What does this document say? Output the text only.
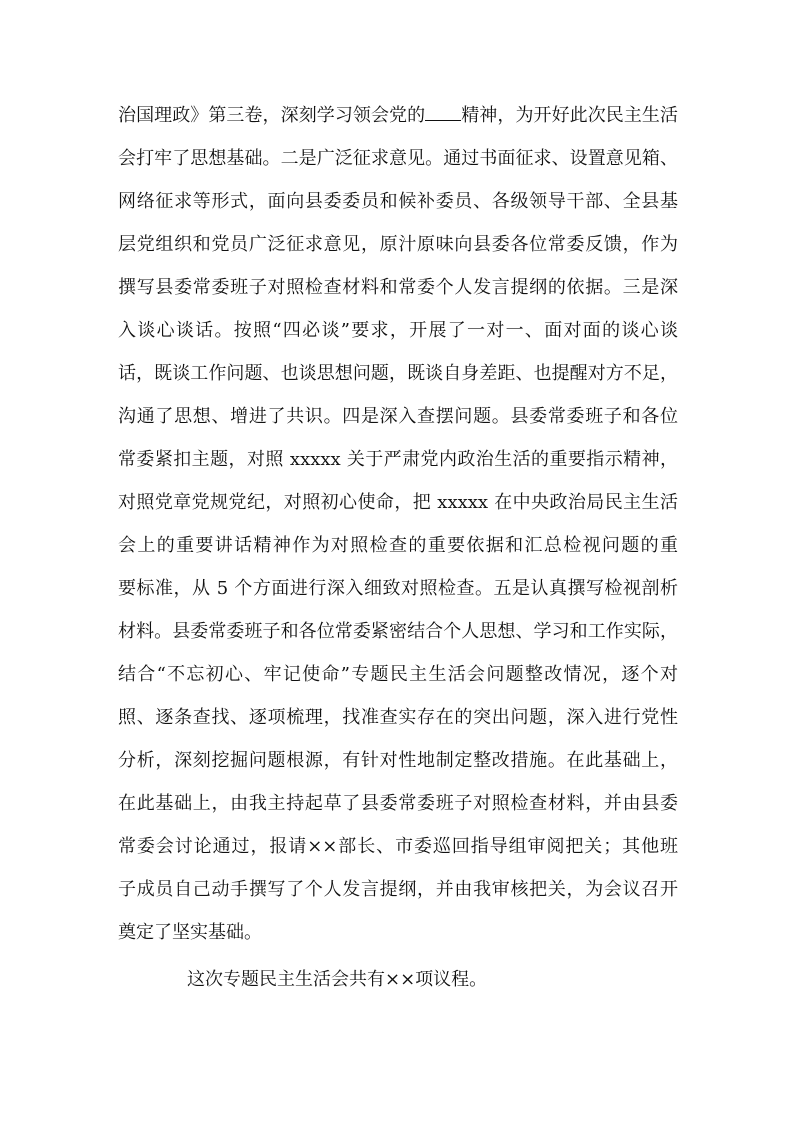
治国理政》第三卷，深刻学习领会党的 精神，为开好此次民主生活
会打牢了思想基础。二是广泛征求意见。通过书面征求、设置意见箱、
网络征求等形式，面向县委委员和候补委员、各级领导干部、全县基
层党组织和党员广泛征求意见，原汁原味向县委各位常委反馈，作为
撰写县委常委班子对照检查材料和常委个人发言提纲的依据。三是深
入谈心谈话。按照“四必谈”要求，开展了一对一、面对面的谈心谈
话，既谈工作问题、也谈思想问题，既谈自身差距、也提醒对方不足，
沟通了思想、增进了共识。四是深入查摆问题。县委常委班子和各位
常委紧扣主题，对照 xxxxx 关于严肃党内政治生活的重要指示精神，
对照党章党规党纪，对照初心使命，把 xxxxx 在中央政治局民主生活
会上的重要讲话精神作为对照检查的重要依据和汇总检视问题的重
要标准，从 5 个方面进行深入细致对照检查。五是认真撰写检视剖析
材料。县委常委班子和各位常委紧密结合个人思想、学习和工作实际，
结合“不忘初心、牢记使命”专题民主生活会问题整改情况，逐个对
照、逐条查找、逐项梳理，找准查实存在的突出问题，深入进行党性
分析，深刻挖掘问题根源，有针对性地制定整改措施。在此基础上，
在此基础上，由我主持起草了县委常委班子对照检查材料，并由县委
常委会讨论通过，报请××部长、市委巡回指导组审阅把关；其他班
子成员自己动手撰写了个人发言提纲，并由我审核把关，为会议召开
奠定了坚实基础。
这次专题民主生活会共有××项议程。
